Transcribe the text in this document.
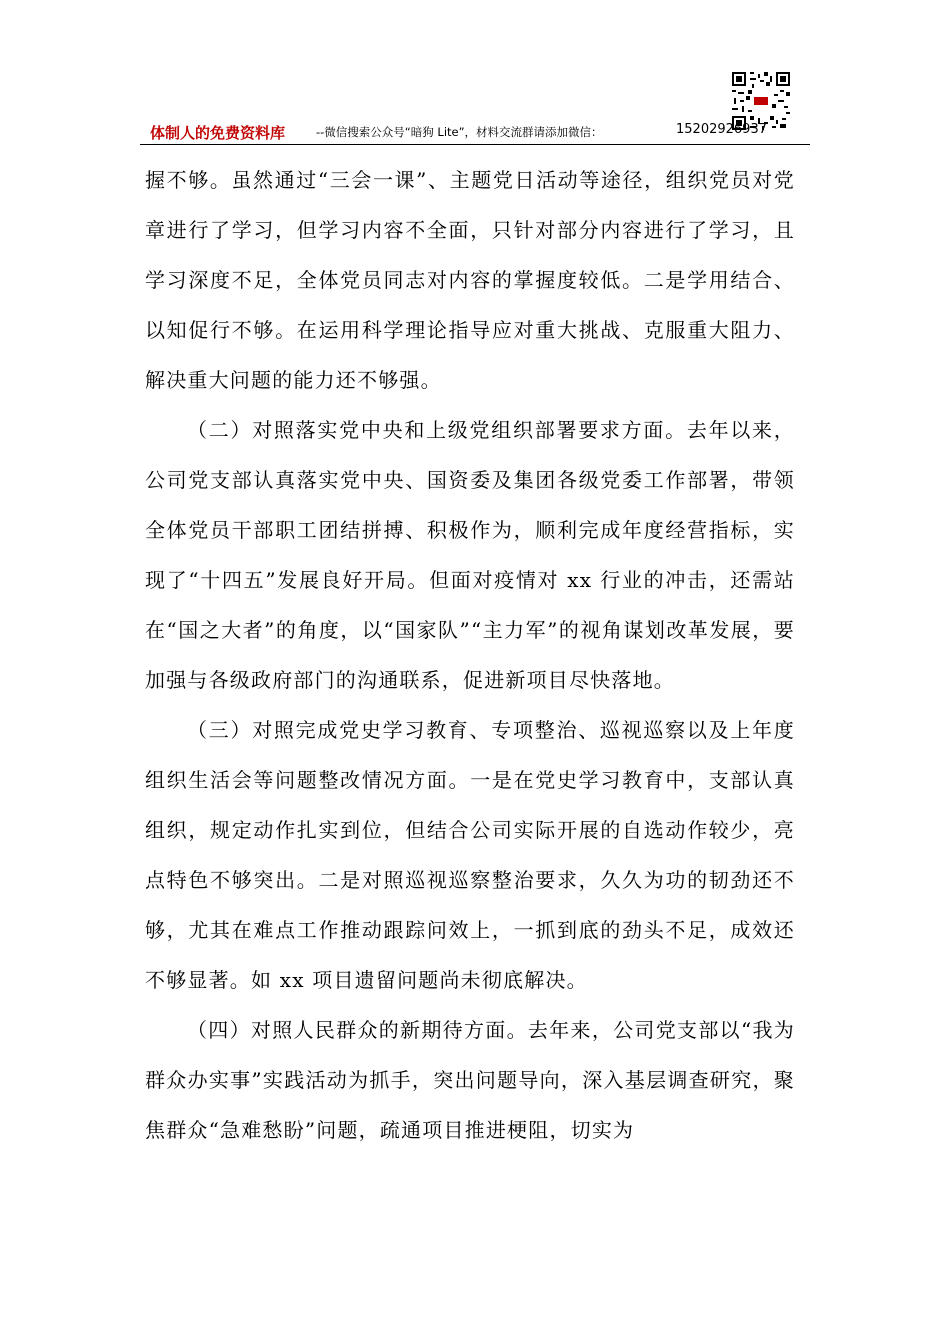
体制人的免费资料库	--微信搜索公众号“暗狗 Lite”，材料交流群请添加微信：	15202926937

握不够。虽然通过“三会一课”、主题党日活动等途径，组织党员对党章进行了学习，但学习内容不全面，只针对部分内容进行了学习，且学习深度不足，全体党员同志对内容的掌握度较低。二是学用结合、以知促行不够。在运用科学理论指导应对重大挑战、克服重大阻力、解决重大问题的能力还不够强。

（二）对照落实党中央和上级党组织部署要求方面。去年以来，公司党支部认真落实党中央、国资委及集团各级党委工作部署，带领全体党员干部职工团结拼搏、积极作为，顺利完成年度经营指标，实现了“十四五”发展良好开局。但面对疫情对 xx 行业的冲击，还需站在“国之大者”的角度，以“国家队”“主力军”的视角谋划改革发展，要加强与各级政府部门的沟通联系，促进新项目尽快落地。

（三）对照完成党史学习教育、专项整治、巡视巡察以及上年度组织生活会等问题整改情况方面。一是在党史学习教育中，支部认真组织，规定动作扎实到位，但结合公司实际开展的自选动作较少，亮点特色不够突出。二是对照巡视巡察整治要求，久久为功的韧劲还不够，尤其在难点工作推动跟踪问效上，一抓到底的劲头不足，成效还不够显著。如 xx 项目遗留问题尚未彻底解决。

（四）对照人民群众的新期待方面。去年来，公司党支部以“我为群众办实事”实践活动为抓手，突出问题导向，深入基层调查研究，聚焦群众“急难愁盼”问题，疏通项目推进梗阻，切实为
